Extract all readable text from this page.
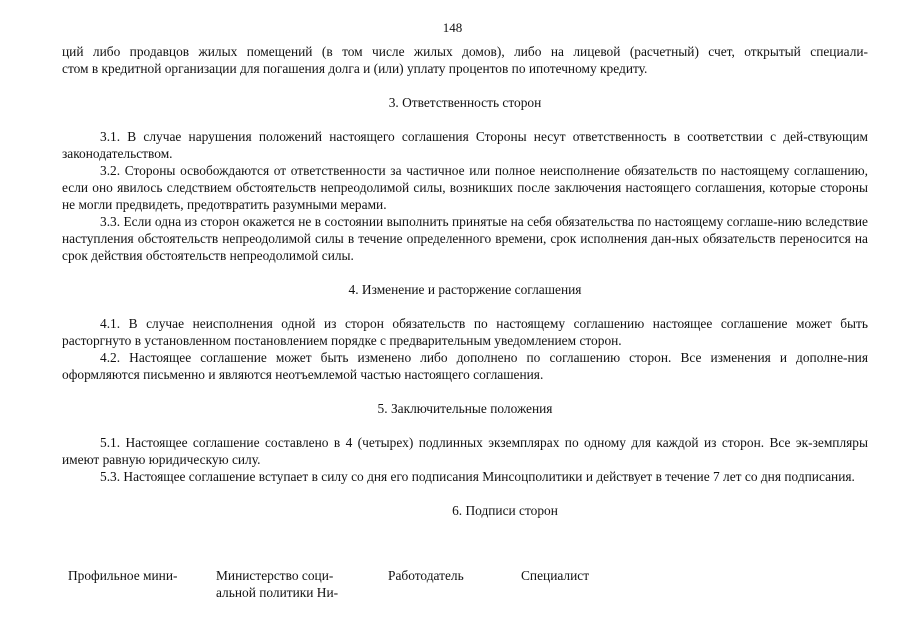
148

ций либо продавцов жилых помещений (в том числе жилых домов), либо на лицевой (расчетный) счет, открытый специали-

стом в кредитной организации для погашения долга и (или) уплату процентов по ипотечному кредиту.

3. Ответственность сторон

3.1. В случае нарушения положений настоящего соглашения Стороны несут ответственность в соответствии с дей-ствующим законодательством.

3.2. Стороны освобождаются от ответственности за частичное или полное неисполнение обязательств по настоящему соглашению, если оно явилось следствием обстоятельств непреодолимой силы, возникших после заключения настоящего соглашения, которые стороны не могли предвидеть, предотвратить разумными мерами.

3.3. Если одна из сторон окажется не в состоянии выполнить принятые на себя обязательства по настоящему соглаше-нию вследствие наступления обстоятельств непреодолимой силы в течение определенного времени, срок исполнения дан-ных обязательств переносится на срок действия обстоятельств непреодолимой силы.

4. Изменение и расторжение соглашения

4.1. В случае неисполнения одной из сторон обязательств по настоящему соглашению настоящее соглашение может быть расторгнуто в установленном постановлением порядке с предварительным уведомлением сторон.

4.2. Настоящее соглашение может быть изменено либо дополнено по соглашению сторон. Все изменения и дополне-ния оформляются письменно и являются неотъемлемой частью настоящего соглашения.

5. Заключительные положения

5.1. Настоящее соглашение составлено в 4 (четырех) подлинных экземплярах по одному для каждой из сторон. Все эк-земпляры имеют равную юридическую силу.

5.3. Настоящее соглашение вступает в силу со дня его подписания Минсоцполитики и действует в течение 7 лет со дня подписания.

6. Подписи сторон

Профильное мини-	Министерство соци-
альной политики Ни-
Работодатель	Специалист
